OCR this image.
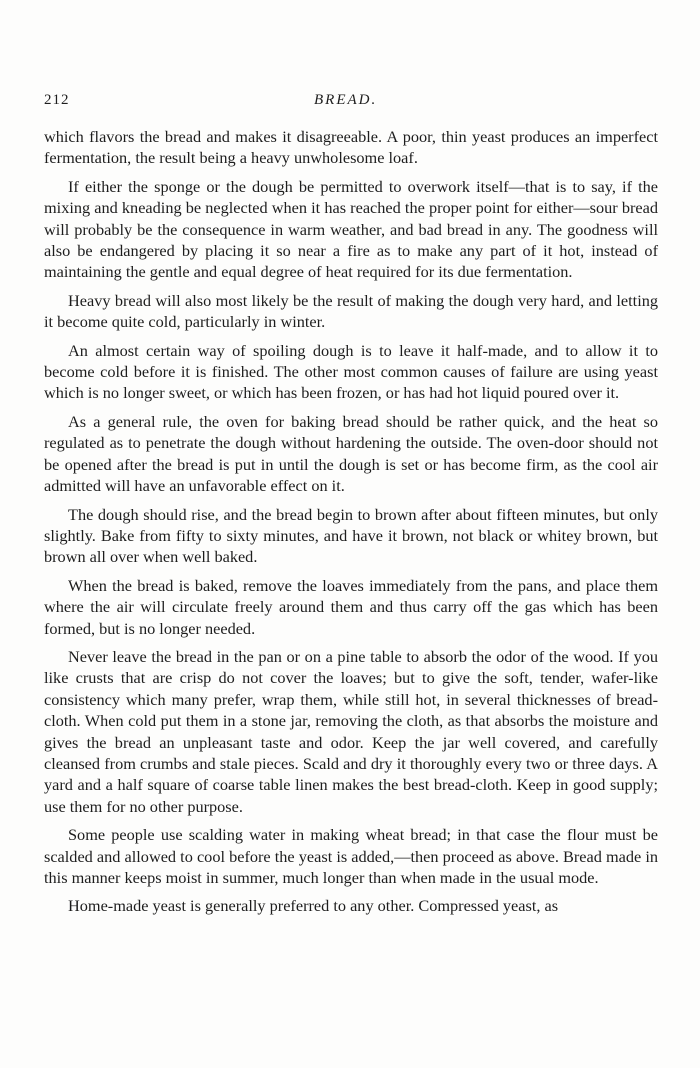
212	BREAD.

which flavors the bread and makes it disagreeable. A poor, thin yeast produces an imperfect fermentation, the result being a heavy unwholesome loaf.

If either the sponge or the dough be permitted to overwork itself—that is to say, if the mixing and kneading be neglected when it has reached the proper point for either—sour bread will probably be the consequence in warm weather, and bad bread in any. The goodness will also be endangered by placing it so near a fire as to make any part of it hot, instead of maintaining the gentle and equal degree of heat required for its due fermentation.

Heavy bread will also most likely be the result of making the dough very hard, and letting it become quite cold, particularly in winter.

An almost certain way of spoiling dough is to leave it half-made, and to allow it to become cold before it is finished. The other most common causes of failure are using yeast which is no longer sweet, or which has been frozen, or has had hot liquid poured over it.

As a general rule, the oven for baking bread should be rather quick, and the heat so regulated as to penetrate the dough without hardening the outside. The oven-door should not be opened after the bread is put in until the dough is set or has become firm, as the cool air admitted will have an unfavorable effect on it.

The dough should rise, and the bread begin to brown after about fifteen minutes, but only slightly. Bake from fifty to sixty minutes, and have it brown, not black or whitey brown, but brown all over when well baked.

When the bread is baked, remove the loaves immediately from the pans, and place them where the air will circulate freely around them and thus carry off the gas which has been formed, but is no longer needed.

Never leave the bread in the pan or on a pine table to absorb the odor of the wood. If you like crusts that are crisp do not cover the loaves; but to give the soft, tender, wafer-like consistency which many prefer, wrap them, while still hot, in several thicknesses of bread-cloth. When cold put them in a stone jar, removing the cloth, as that absorbs the moisture and gives the bread an unpleasant taste and odor. Keep the jar well covered, and carefully cleansed from crumbs and stale pieces. Scald and dry it thoroughly every two or three days. A yard and a half square of coarse table linen makes the best bread-cloth. Keep in good supply; use them for no other purpose.

Some people use scalding water in making wheat bread; in that case the flour must be scalded and allowed to cool before the yeast is added,—then proceed as above. Bread made in this manner keeps moist in summer, much longer than when made in the usual mode.

Home-made yeast is generally preferred to any other. Compressed yeast, as
